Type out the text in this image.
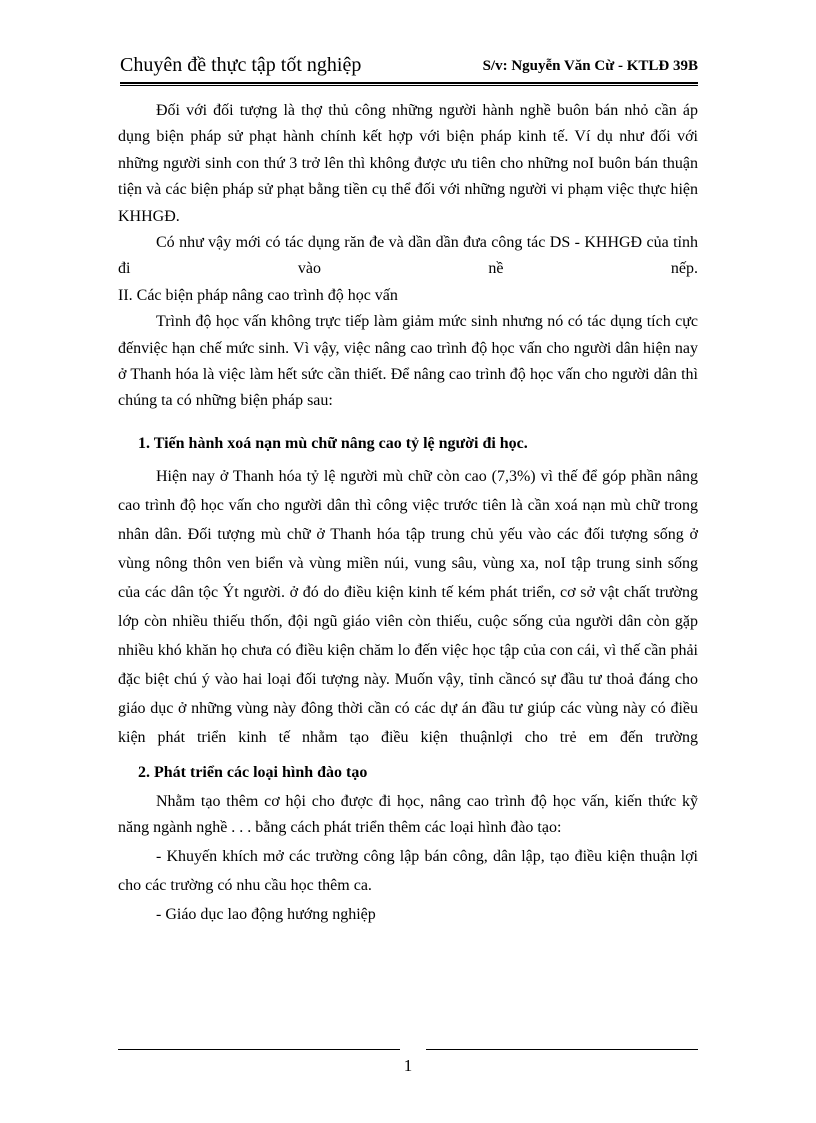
Chuyên đề thực tập tốt nghiệp	S/v: Nguyễn Văn Cừ - KTLĐ 39B

Đối với đối tượng là thợ thủ công những người hành nghề buôn bán nhỏ cần áp dụng biện pháp sử phạt hành chính kết hợp với biện pháp kinh tế. Ví dụ như đối với những người sinh con thứ 3 trở lên thì không được ưu tiên cho những noI buôn bán thuận tiện và các biện pháp sử phạt bằng tiền cụ thể đối với những người vi phạm việc thực hiện KHHGĐ.

Có như vậy mới có tác dụng răn đe và dần dần đưa công tác DS - KHHGĐ của tỉnh đi vào nề nếp.

II. Các biện pháp nâng cao trình độ học vấn

Trình độ học vấn không trực tiếp làm giảm mức sinh nhưng nó có tác dụng tích cực đếnviệc hạn chế mức sinh. Vì vậy, việc nâng cao trình độ học vấn cho người dân hiện nay ở Thanh hóa là việc làm hết sức cần thiết. Để nâng cao trình độ học vấn cho người dân thì chúng ta có những biện pháp sau:

1. Tiến hành xoá nạn mù chữ nâng cao tỷ lệ người đi học.

Hiện nay ở Thanh hóa tỷ lệ người mù chữ còn cao (7,3%) vì thế để góp phần nâng cao trình độ học vấn cho người dân thì công việc trước tiên là cần xoá nạn mù chữ trong nhân dân. Đối tượng mù chữ ở Thanh hóa tập trung chủ yếu vào các đối tượng sống ở vùng nông thôn ven biển và vùng miền núi, vung sâu, vùng xa, noI tập trung sinh sống của các dân tộc Ýt người. ở đó do điều kiện kinh tế kém phát triển, cơ sở vật chất trường lớp còn nhiều thiếu thốn, đội ngũ giáo viên còn thiếu, cuộc sống của người dân còn gặp nhiều khó khăn họ chưa có điều kiện chăm lo đến việc học tập của con cái, vì thế cần phải đặc biệt chú ý vào hai loại đối tượng này. Muốn vậy, tỉnh cầncó sự đầu tư thoả đáng cho giáo dục ở những vùng này đông thời cần có các dự án đầu tư giúp các vùng này có điều kiện phát triển kinh tế nhằm tạo điều kiện thuậnlợi cho trẻ em đến trường

2. Phát triển các loại hình đào tạo

Nhằm tạo thêm cơ hội cho được đi học, nâng cao trình độ học vấn, kiến thức kỹ năng ngành nghề . . . bằng cách phát triển thêm các loại hình đào tạo:

- Khuyến khích mở các trường công lập bán công, dân lập, tạo điều kiện thuận lợi cho các trường có nhu cầu học thêm ca.

- Giáo dục lao động hướng nghiệp

1
